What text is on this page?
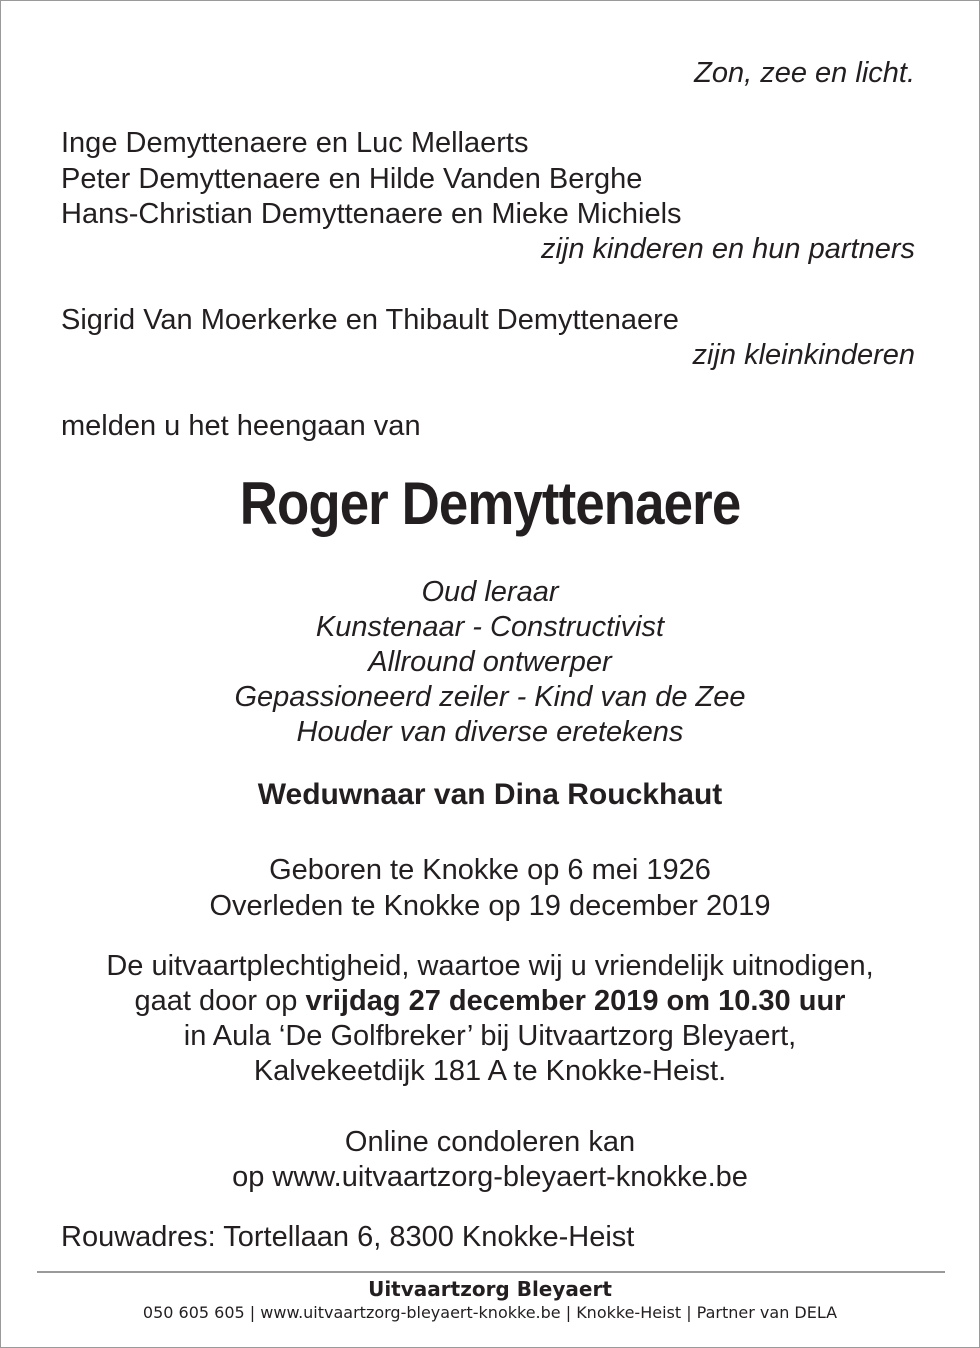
Zon, zee en licht.
Inge Demyttenaere en Luc Mellaerts
Peter Demyttenaere en Hilde Vanden Berghe
Hans-Christian Demyttenaere en Mieke Michiels
zijn kinderen en hun partners
Sigrid Van Moerkerke en Thibault Demyttenaere
zijn kleinkinderen
melden u het heengaan van
Roger Demyttenaere
Oud leraar
Kunstenaar - Constructivist
Allround ontwerper
Gepassioneerd zeiler - Kind van de Zee
Houder van diverse eretekens
Weduwnaar van Dina Rouckhaut
Geboren te Knokke op 6 mei 1926
Overleden te Knokke op 19 december 2019
De uitvaartplechtigheid, waartoe wij u vriendelijk uitnodigen,
gaat door op vrijdag 27 december 2019 om 10.30 uur
in Aula ‘De Golfbreker’ bij Uitvaartzorg Bleyaert,
Kalvekeetdijk 181 A te Knokke-Heist.
Online condoleren kan
op www.uitvaartzorg-bleyaert-knokke.be
Rouwadres: Tortellaan 6, 8300 Knokke-Heist
Uitvaartzorg Bleyaert
050 605 605 | www.uitvaartzorg-bleyaert-knokke.be | Knokke-Heist | Partner van DELA
